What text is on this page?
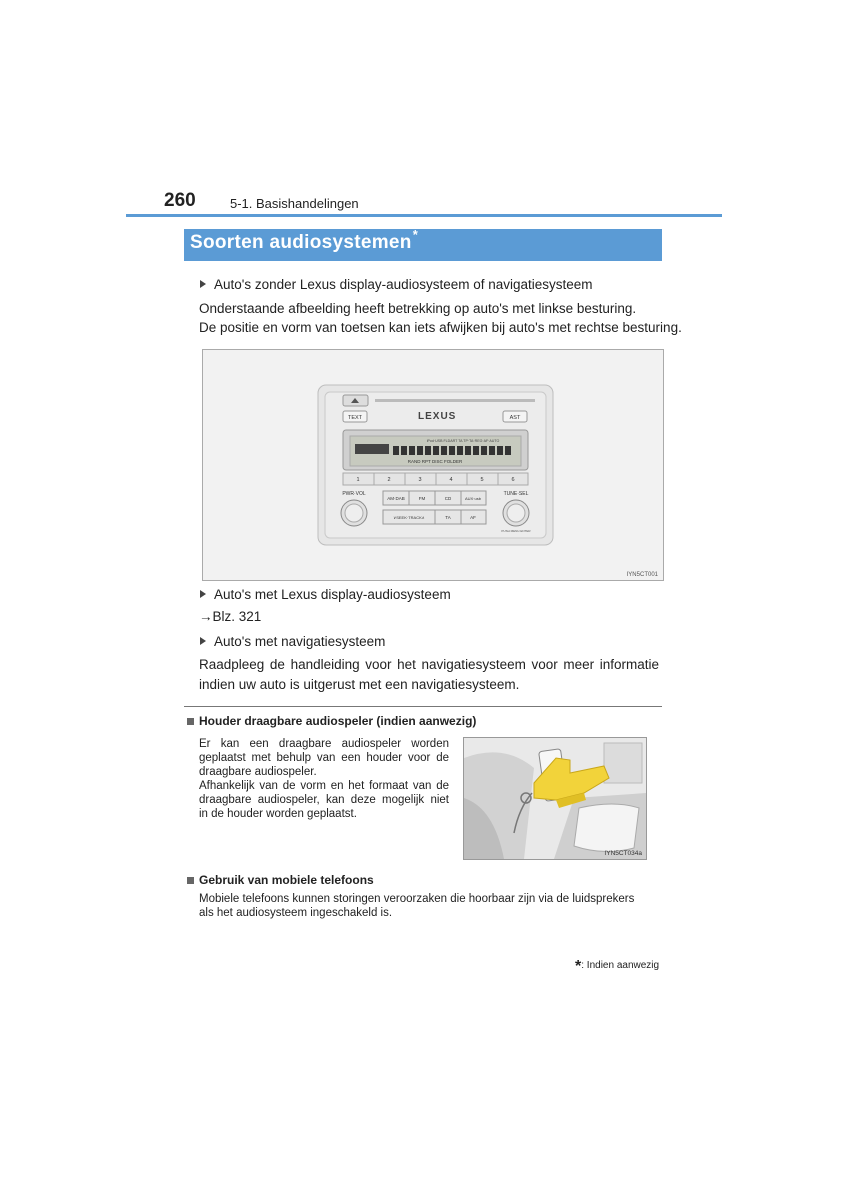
260	5-1. Basishandelingen
Soorten audiosystemen*
Auto's zonder Lexus display-audiosysteem of navigatiesysteem
Onderstaande afbeelding heeft betrekking op auto's met linkse besturing.
De positie en vorm van toetsen kan iets afwijken bij auto's met rechtse besturing.
TEXT	LEXUS	AST
iPod·USB FLDART TA TP·TA·REG·AF·AUTO
RAND RPT DISC FOLDER
1	2	3	4	5	6
PWR·VOL	TUNE·SEL
PUSH MENU·ENTER
AM·DAB	FM	CD	AUX·usb
∨SEEK·TRACK∧	TA	AF
IYN5CT001
Auto's met Lexus display-audiosysteem
→Blz. 321
Auto's met navigatiesysteem
Raadpleeg de handleiding voor het navigatiesysteem voor meer informatie
indien uw auto is uitgerust met een navigatiesysteem.
Houder draagbare audiospeler (indien aanwezig)
Er kan een draagbare audiospeler worden
geplaatst met behulp van een houder voor de
draagbare audiospeler.
Afhankelijk van de vorm en het formaat van de
draagbare audiospeler, kan deze mogelijk niet
in de houder worden geplaatst.
IYN5CT034a
Gebruik van mobiele telefoons
Mobiele telefoons kunnen storingen veroorzaken die hoorbaar zijn via de luidsprekers
als het audiosysteem ingeschakeld is.
*: Indien aanwezig
